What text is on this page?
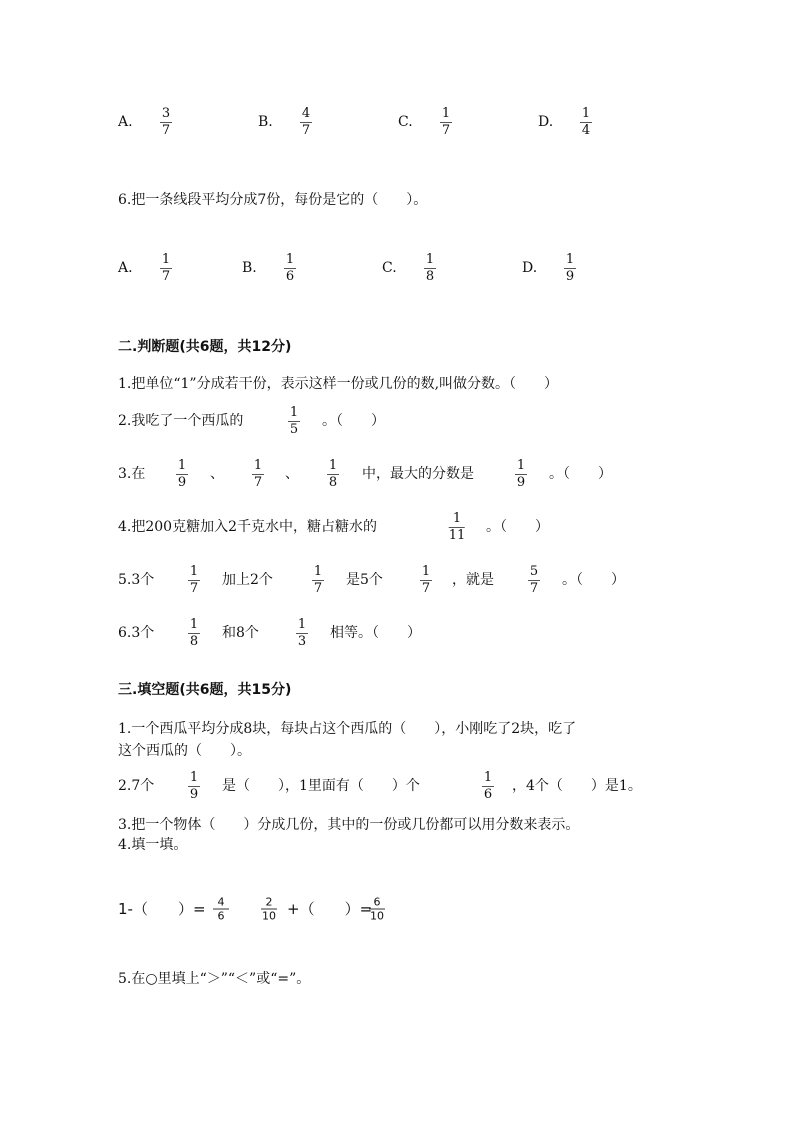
A.
3
7
B.
4
7
C.
1
7
D.
1
4
6.把一条线段平均分成7份，每份是它的（　　）。
A.
1
7
B.
1
6
C.
1
8
D.
1
9
二.判断题(共6题，共12分)
1.把单位“1”分成若干份，表示这样一份或几份的数,叫做分数。（　　）
2.我吃了一个西瓜的
1
5
。（　　）
3.在
1
9
、
1
7
、
1
8
中，最大的分数是
1
9
。（　　）
4.把200克糖加入2千克水中，糖占糖水的
1
11
。（　　）
5.3个
1
7
加上2个
1
7
是5个
1
7
，就是
5
7
。（　　）
6.3个
1
8
和8个
1
3
相等。（　　）
三.填空题(共6题，共15分)
1.一个西瓜平均分成8块，每块占这个西瓜的（　　），小刚吃了2块，吃了
这个西瓜的（　　）。
2.7个
1
9
是（　　），1里面有（　　）个
1
6
，4个（　　）是1。
3.把一个物体（　　）分成几份，其中的一份或几份都可以用分数来表示。
4.填一填。
1-（　　）= 4
6
2
10 +（　　）= 6
10
5.在○里填上“＞”“＜”或“=”。
